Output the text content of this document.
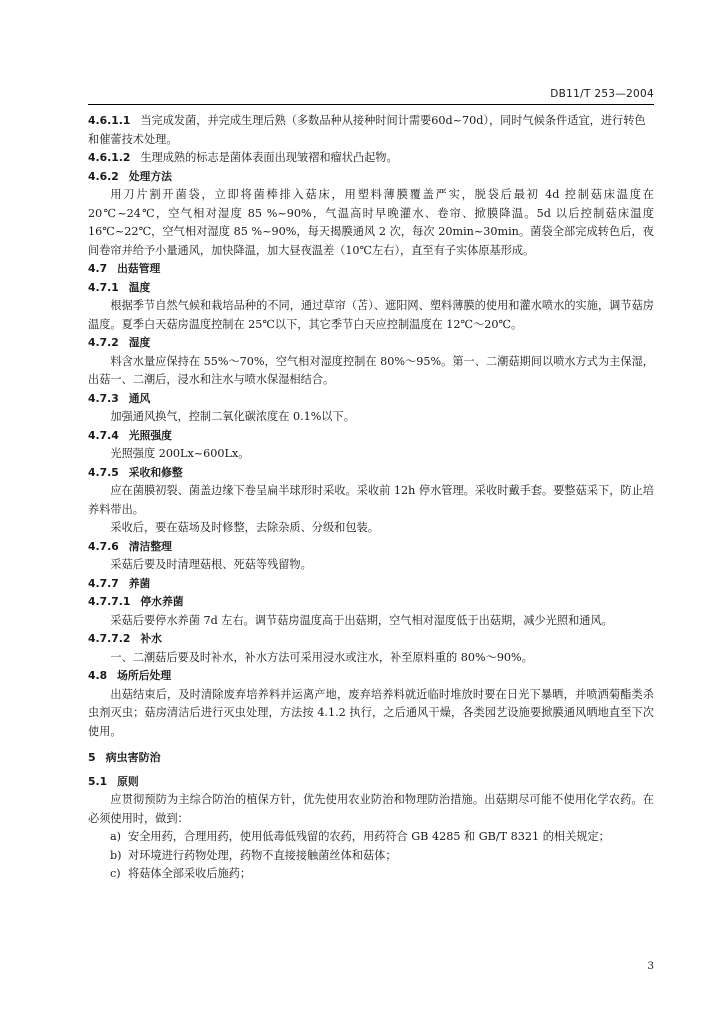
DB11/T 253—2004
4.6.1.1 当完成发菌，并完成生理后熟（多数品种从接种时间计需要60d~70d），同时气候条件适宜，进行转色和催蕾技术处理。
4.6.1.2 生理成熟的标志是菌体表面出现皱褶和瘤状凸起物。
4.6.2 处理方法

用刀片割开菌袋，立即将菌棒排入菇床，用塑料薄膜覆盖严实，脱袋后最初 4d 控制菇床温度在 20℃~24℃，空气相对湿度 85 %~90%，气温高时早晚灌水、卷帘、掀膜降温。5d 以后控制菇床温度 16℃~22℃，空气相对湿度 85 %~90%，每天揭膜通风 2 次，每次 20min~30min。菌袋全部完成转色后，夜间卷帘并给予小量通风，加快降温，加大昼夜温差（10℃左右），直至有子实体原基形成。

4.7 出菇管理
4.7.1 温度

根据季节自然气候和栽培品种的不同，通过草帘（苫）、遮阳网、塑料薄膜的使用和灌水喷水的实施，调节菇房温度。夏季白天菇房温度控制在 25℃以下，其它季节白天应控制温度在 12℃～20℃。

4.7.2 湿度

料含水量应保持在 55%～70%，空气相对湿度控制在 80%～95%。第一、二潮菇期间以喷水方式为主保湿，出菇一、二潮后，浸水和注水与喷水保湿相结合。

4.7.3 通风

加强通风换气，控制二氧化碳浓度在 0.1%以下。

4.7.4 光照强度

光照强度 200Lx~600Lx。

4.7.5 采收和修整

应在菌膜初裂、菌盖边缘下卷呈扁半球形时采收。采收前 12h 停水管理。采收时戴手套。要整菇采下，防止培养料带出。

采收后，要在菇场及时修整，去除杂质、分级和包装。

4.7.6 清洁整理

采菇后要及时清理菇根、死菇等残留物。

4.7.7 养菌
4.7.7.1 停水养菌

采菇后要停水养菌 7d 左右。调节菇房温度高于出菇期，空气相对湿度低于出菇期，减少光照和通风。

4.7.7.2 补水

一、二潮菇后要及时补水，补水方法可采用浸水或注水，补至原料重的 80%～90%。

4.8 场所后处理

出菇结束后，及时清除废弃培养料并运离产地，废弃培养料就近临时堆放时要在日光下暴晒，并喷洒菊酯类杀虫剂灭虫；菇房清洁后进行灭虫处理，方法按 4.1.2 执行，之后通风干燥，各类园艺设施要掀膜通风晒地直至下次使用。

5 病虫害防治
5.1 原则

应贯彻预防为主综合防治的植保方针，优先使用农业防治和物理防治措施。出菇期尽可能不使用化学农药。在必须使用时，做到：

a) 安全用药，合理用药，使用低毒低残留的农药，用药符合 GB 4285 和 GB/T 8321 的相关规定；
b) 对环境进行药物处理，药物不直接接触菌丝体和菇体；
c) 将菇体全部采收后施药；
3
